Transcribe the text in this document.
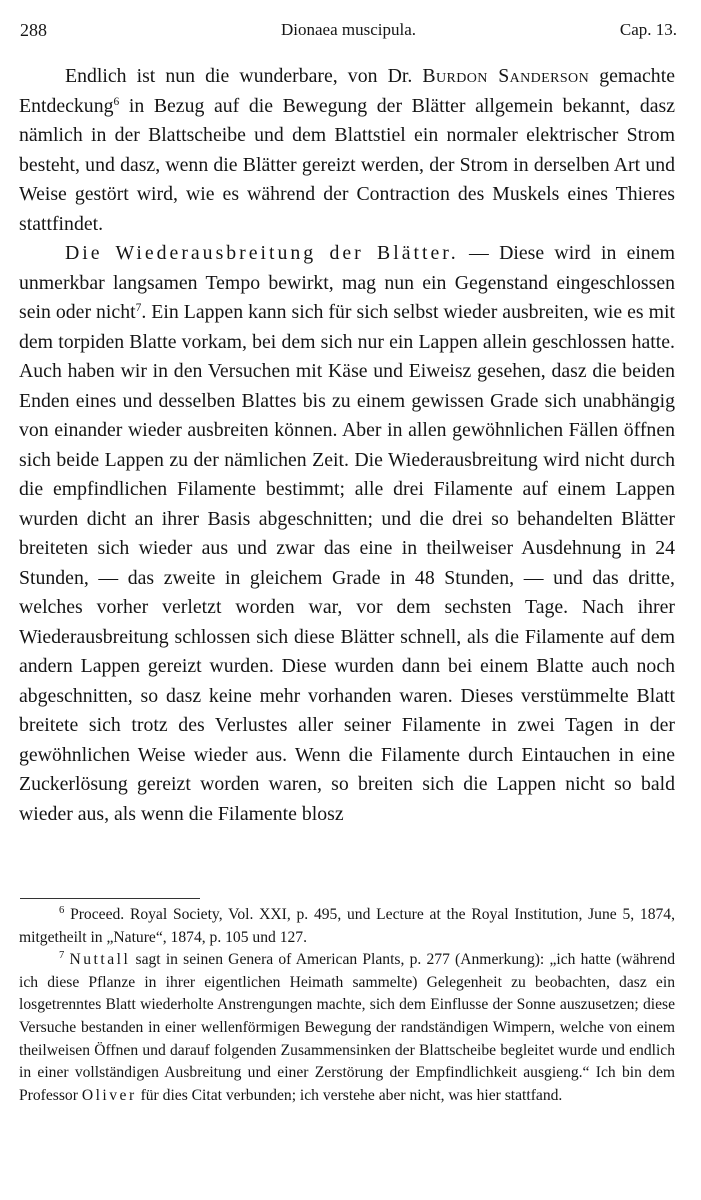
288	Dionaea muscipula.	Cap. 13.

Endlich ist nun die wunderbare, von Dr. Burdon Sanderson gemachte Entdeckung$^6$ in Bezug auf die Bewegung der Blätter allgemein bekannt, dasz nämlich in der Blattscheibe und dem Blattstiel ein normaler elektrischer Strom besteht, und dasz, wenn die Blätter gereizt werden, der Strom in derselben Art und Weise gestört wird, wie es während der Contraction des Muskels eines Thieres stattfindet.

Die Wiederausbreitung der Blätter. — Diese wird in einem unmerkbar langsamen Tempo bewirkt, mag nun ein Gegenstand eingeschlossen sein oder nicht$^7$. Ein Lappen kann sich für sich selbst wieder ausbreiten, wie es mit dem torpiden Blatte vorkam, bei dem sich nur ein Lappen allein geschlossen hatte. Auch haben wir in den Versuchen mit Käse und Eiweisz gesehen, dasz die beiden Enden eines und desselben Blattes bis zu einem gewissen Grade sich unabhängig von einander wieder ausbreiten können. Aber in allen gewöhnlichen Fällen öffnen sich beide Lappen zu der nämlichen Zeit. Die Wiederausbreitung wird nicht durch die empfindlichen Filamente bestimmt; alle drei Filamente auf einem Lappen wurden dicht an ihrer Basis abgeschnitten; und die drei so behandelten Blätter breiteten sich wieder aus und zwar das eine in theilweiser Ausdehnung in 24 Stunden, — das zweite in gleichem Grade in 48 Stunden, — und das dritte, welches vorher verletzt worden war, vor dem sechsten Tage. Nach ihrer Wiederausbreitung schlossen sich diese Blätter schnell, als die Filamente auf dem andern Lappen gereizt wurden. Diese wurden dann bei einem Blatte auch noch abgeschnitten, so dasz keine mehr vorhanden waren. Dieses verstümmelte Blatt breitete sich trotz des Verlustes aller seiner Filamente in zwei Tagen in der gewöhnlichen Weise wieder aus. Wenn die Filamente durch Eintauchen in eine Zuckerlösung gereizt worden waren, so breiten sich die Lappen nicht so bald wieder aus, als wenn die Filamente blosz

$^6$ Proceed. Royal Society, Vol. XXI, p. 495, und Lecture at the Royal Institution, June 5, 1874, mitgetheilt in „Nature“, 1874, p. 105 und 127.

$^7$ Nuttall sagt in seinen Genera of American Plants, p. 277 (Anmerkung): „ich hatte (während ich diese Pflanze in ihrer eigentlichen Heimath sammelte) Gelegenheit zu beobachten, dasz ein losgetrenntes Blatt wiederholte Anstrengungen machte, sich dem Einflusse der Sonne auszusetzen; diese Versuche bestanden in einer wellenförmigen Bewegung der randständigen Wimpern, welche von einem theilweisen Öffnen und darauf folgenden Zusammensinken der Blattscheibe begleitet wurde und endlich in einer vollständigen Ausbreitung und einer Zerstörung der Empfindlichkeit ausgieng.“ Ich bin dem Professor Oliver für dies Citat verbunden; ich verstehe aber nicht, was hier stattfand.
